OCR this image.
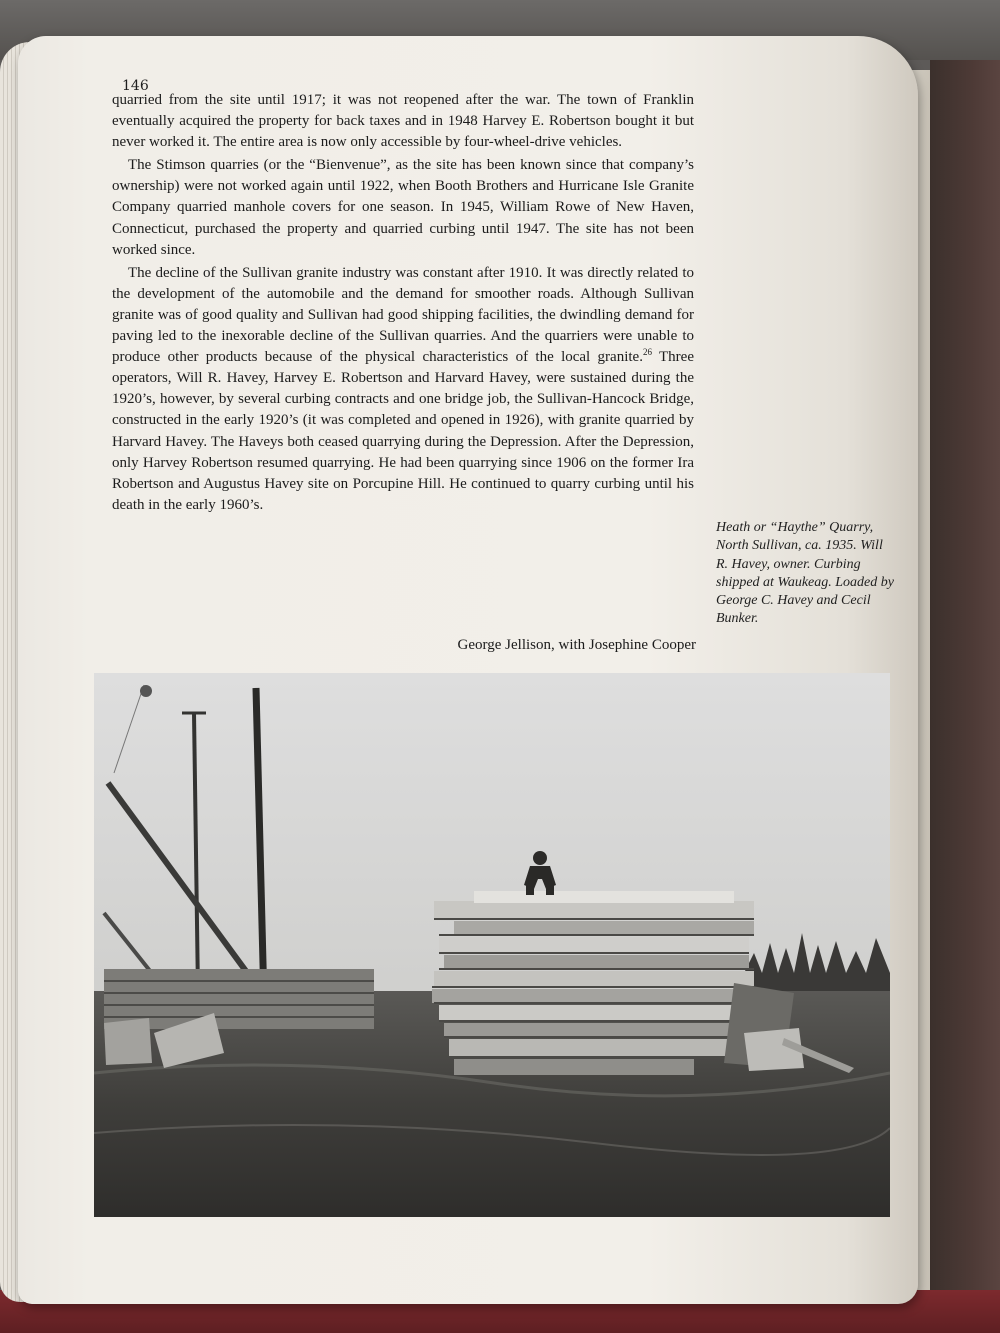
146

quarried from the site until 1917; it was not reopened after the war. The town of Franklin eventually acquired the property for back taxes and in 1948 Harvey E. Robertson bought it but never worked it. The entire area is now only accessible by four-wheel-drive vehicles.

The Stimson quarries (or the “Bienvenue”, as the site has been known since that company’s ownership) were not worked again until 1922, when Booth Brothers and Hurricane Isle Granite Company quarried manhole covers for one season. In 1945, William Rowe of New Haven, Connecticut, purchased the property and quarried curbing until 1947. The site has not been worked since.

The decline of the Sullivan granite industry was constant after 1910. It was directly related to the development of the automobile and the demand for smoother roads. Although Sullivan granite was of good quality and Sullivan had good shipping facilities, the dwindling demand for paving led to the inexorable decline of the Sullivan quarries. And the quarriers were unable to produce other products because of the physical characteristics of the local granite.$^{26}$ Three operators, Will R. Havey, Harvey E. Robertson and Harvard Havey, were sustained during the 1920’s, however, by several curbing contracts and one bridge job, the Sullivan-Hancock Bridge, constructed in the early 1920’s (it was completed and opened in 1926), with granite quarried by Harvard Havey. The Haveys both ceased quarrying during the Depression. After the Depression, only Harvey Robertson resumed quarrying. He had been quarrying since 1906 on the former Ira Robertson and Augustus Havey site on Porcupine Hill. He continued to quarry curbing until his death in the early 1960’s.

George Jellison, with Josephine Cooper
Heath or “Haythe” Quarry, North Sullivan, ca. 1935. Will R. Havey, owner. Curbing shipped at Waukeag. Loaded by George C. Havey and Cecil Bunker.
